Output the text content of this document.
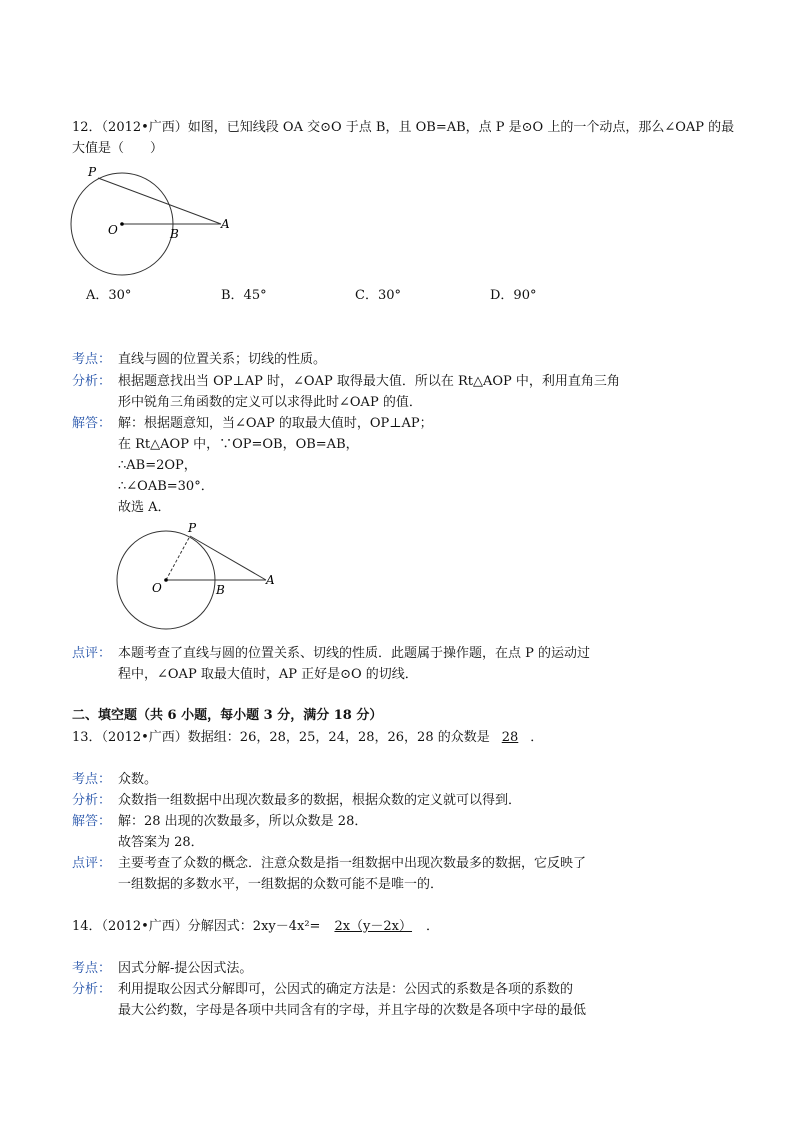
12．（2012•广西）如图，已知线段 OA 交⊙O 于点 B，且 OB=AB，点 P 是⊙O 上的一个动点，那么∠OAP 的最
大值是（　　）
P
O	B
A
A．30°	B．45°	C．30°	D．90°
考点： 直线与圆的位置关系；切线的性质。
分析： 根据题意找出当 OP⊥AP 时，∠OAP 取得最大值．所以在 Rt△AOP 中，利用直角三角
形中锐角三角函数的定义可以求得此时∠OAP 的值．
解答： 解：根据题意知，当∠OAP 的取最大值时，OP⊥AP；
在 Rt△AOP 中，∵OP=OB，OB=AB，
∴AB=2OP，
∴∠OAB=30°．
故选 A．
P
O	B
A
点评： 本题考查了直线与圆的位置关系、切线的性质．此题属于操作题，在点 P 的运动过
程中，∠OAP 取最大值时，AP 正好是⊙O 的切线．
二、填空题（共 6 小题，每小题 3 分，满分 18 分）
13．（2012•广西）数据组：26，28，25，24，28，26，28 的众数是 28 ．
考点： 众数。
分析： 众数指一组数据中出现次数最多的数据，根据众数的定义就可以得到．
解答： 解：28 出现的次数最多，所以众数是 28．
故答案为 28．
点评： 主要考查了众数的概念．注意众数是指一组数据中出现次数最多的数据，它反映了
一组数据的多数水平，一组数据的众数可能不是唯一的．
14．（2012•广西）分解因式：2xy－4x²= 2x（y－2x） ．
考点： 因式分解-提公因式法。
分析： 利用提取公因式分解即可，公因式的确定方法是：公因式的系数是各项的系数的
最大公约数，字母是各项中共同含有的字母，并且字母的次数是各项中字母的最低
